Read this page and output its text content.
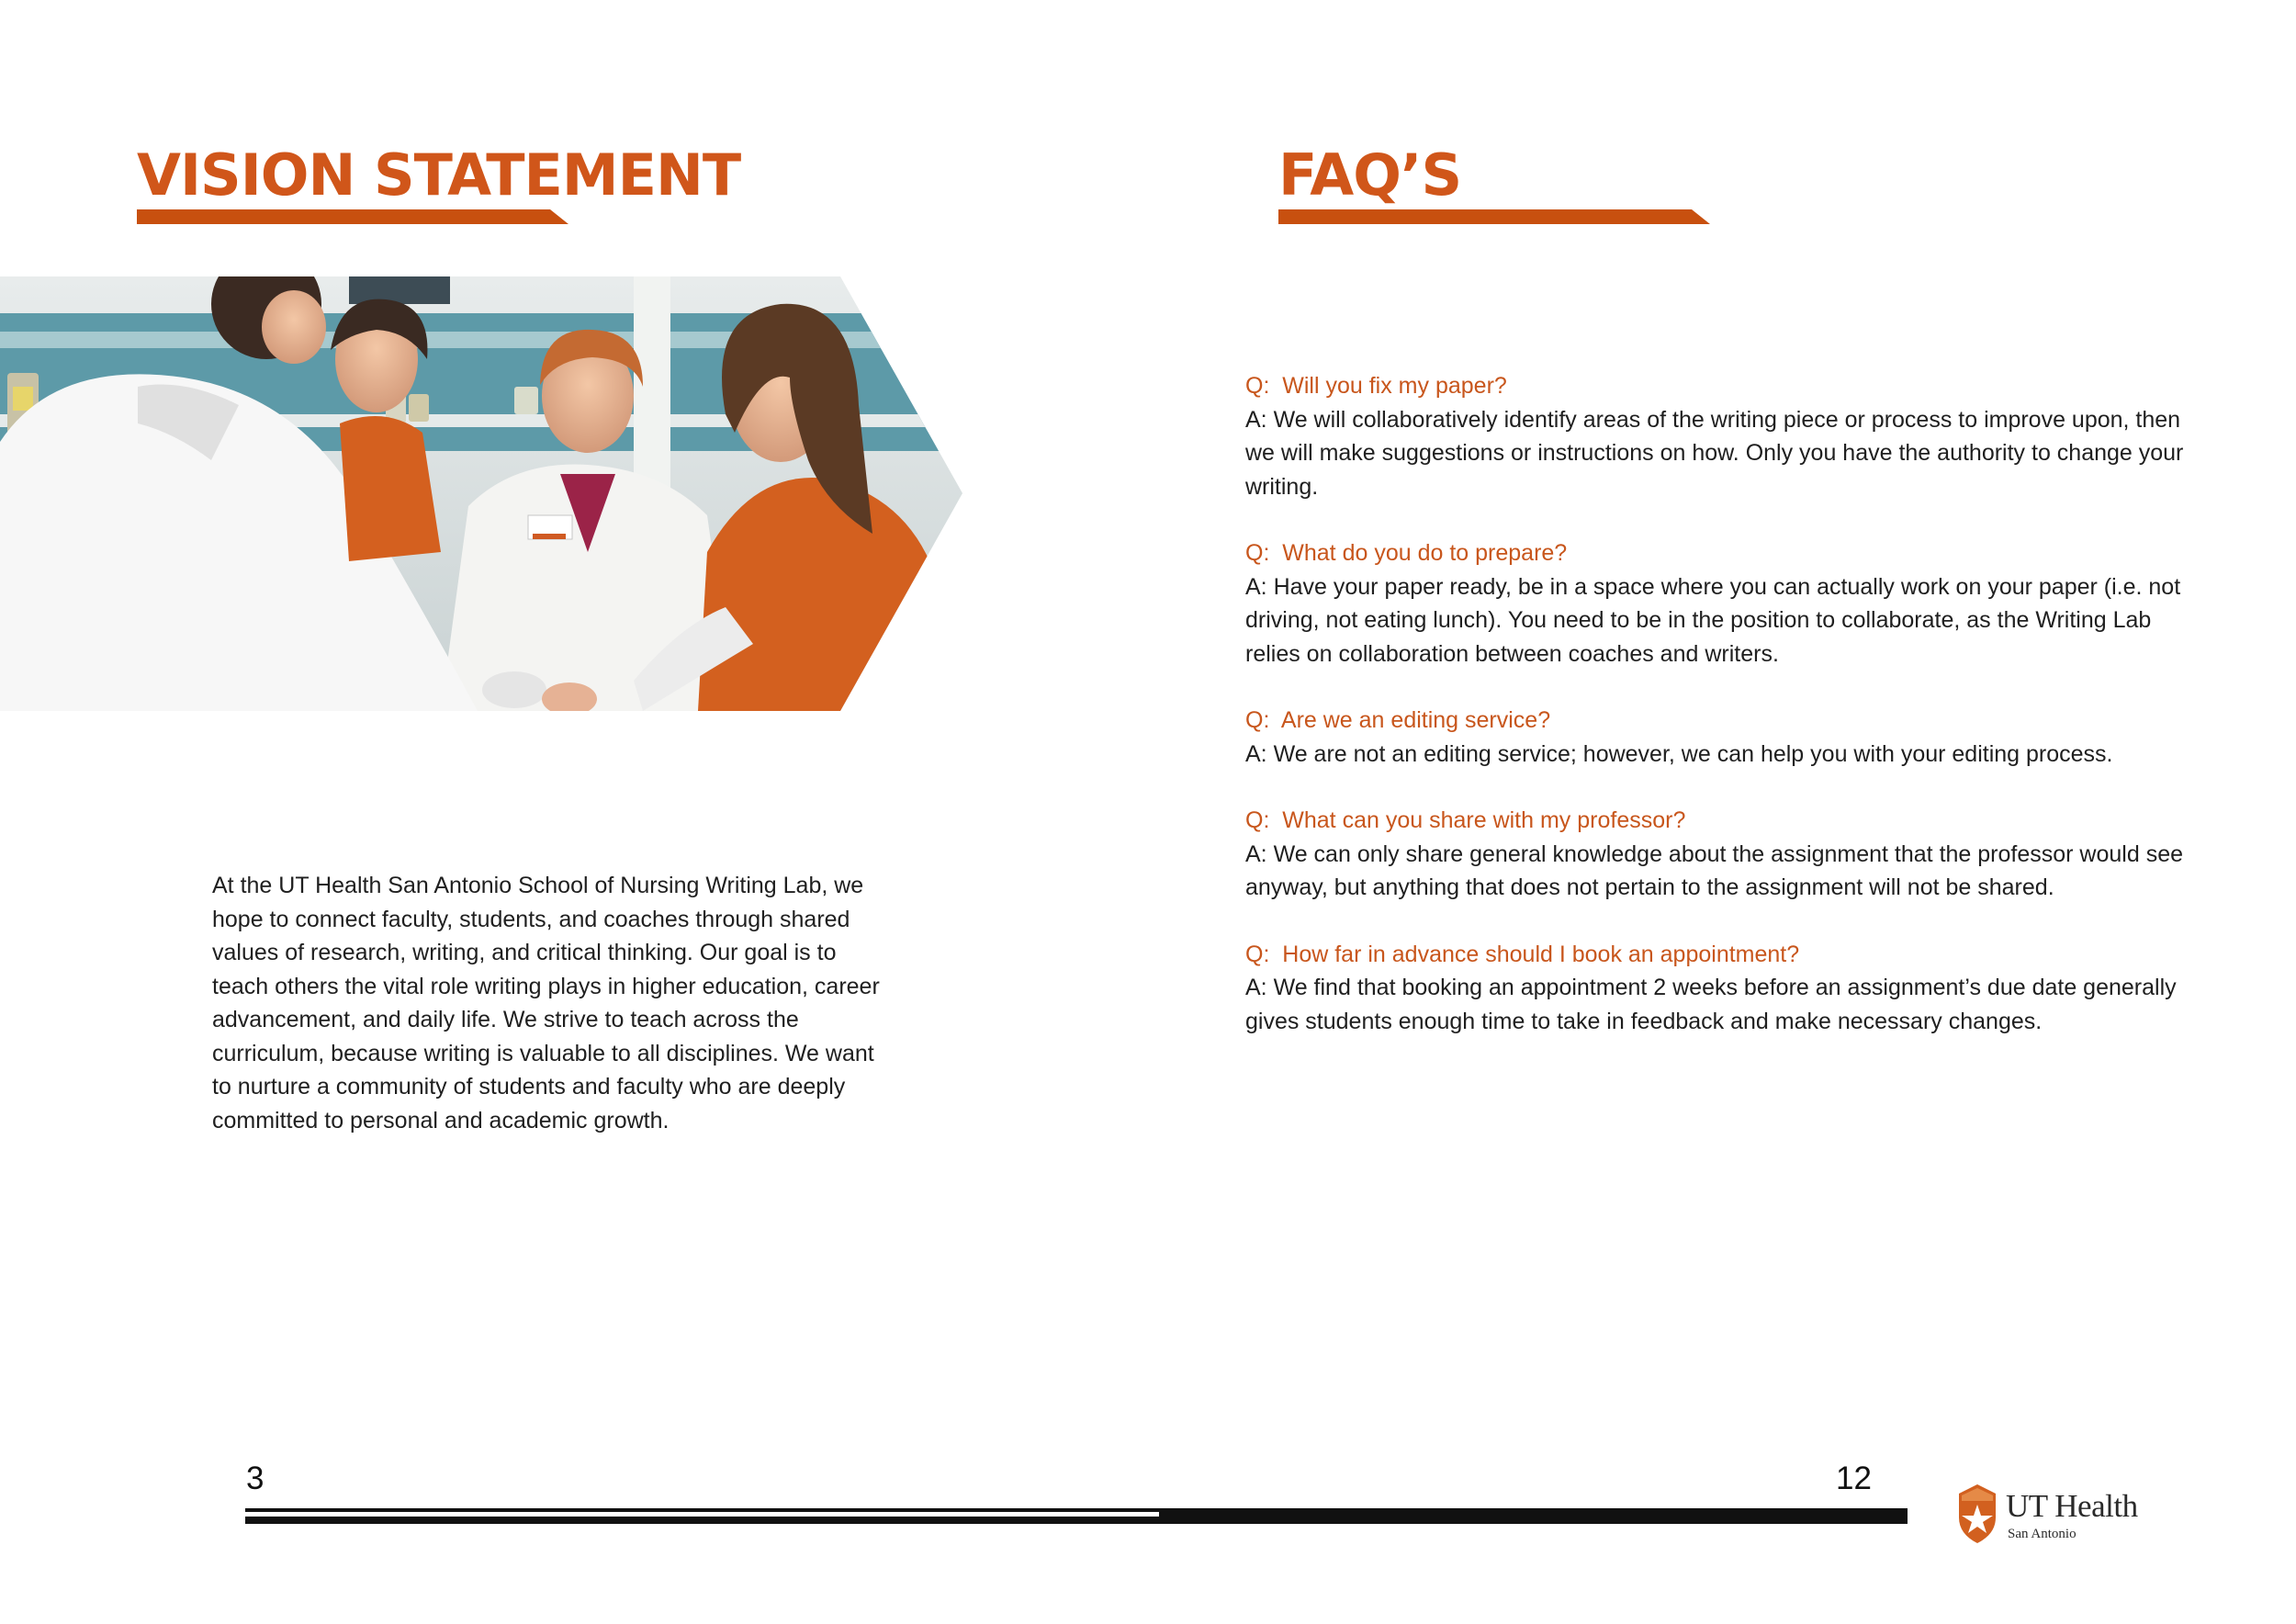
VISION STATEMENT
At the UT Health San Antonio School of Nursing Writing Lab, we hope to connect faculty, students, and coaches through shared values of research, writing, and critical thinking. Our goal is to teach others the vital role writing plays in higher education, career advancement, and daily life. We strive to teach across the curriculum, because writing is valuable to all disciplines. We want to nurture a community of students and faculty who are deeply committed to personal and academic growth.
3
FAQ’S
Q:  Will you fix my paper?
A: We will collaboratively identify areas of the writing piece or process to improve upon, then we will make suggestions or instructions on how. Only you have the authority to change your writing.
Q:  What do you do to prepare?
A: Have your paper ready, be in a space where you can actually work on your paper (i.e. not driving, not eating lunch). You need to be in the position to collaborate, as the Writing Lab relies on collaboration between coaches and writers.
Q:  Are we an editing service?
A: We are not an editing service; however, we can help you with your editing process.
Q:  What can you share with my professor?
A: We can only share general knowledge about the assignment that the professor would see anyway, but anything that does not pertain to the assignment will not be shared.
Q:  How far in advance should I book an appointment?
A: We find that booking an appointment 2 weeks before an assignment’s due date generally gives students enough time to take in feedback and make necessary changes.
12
UT Health
San Antonio
